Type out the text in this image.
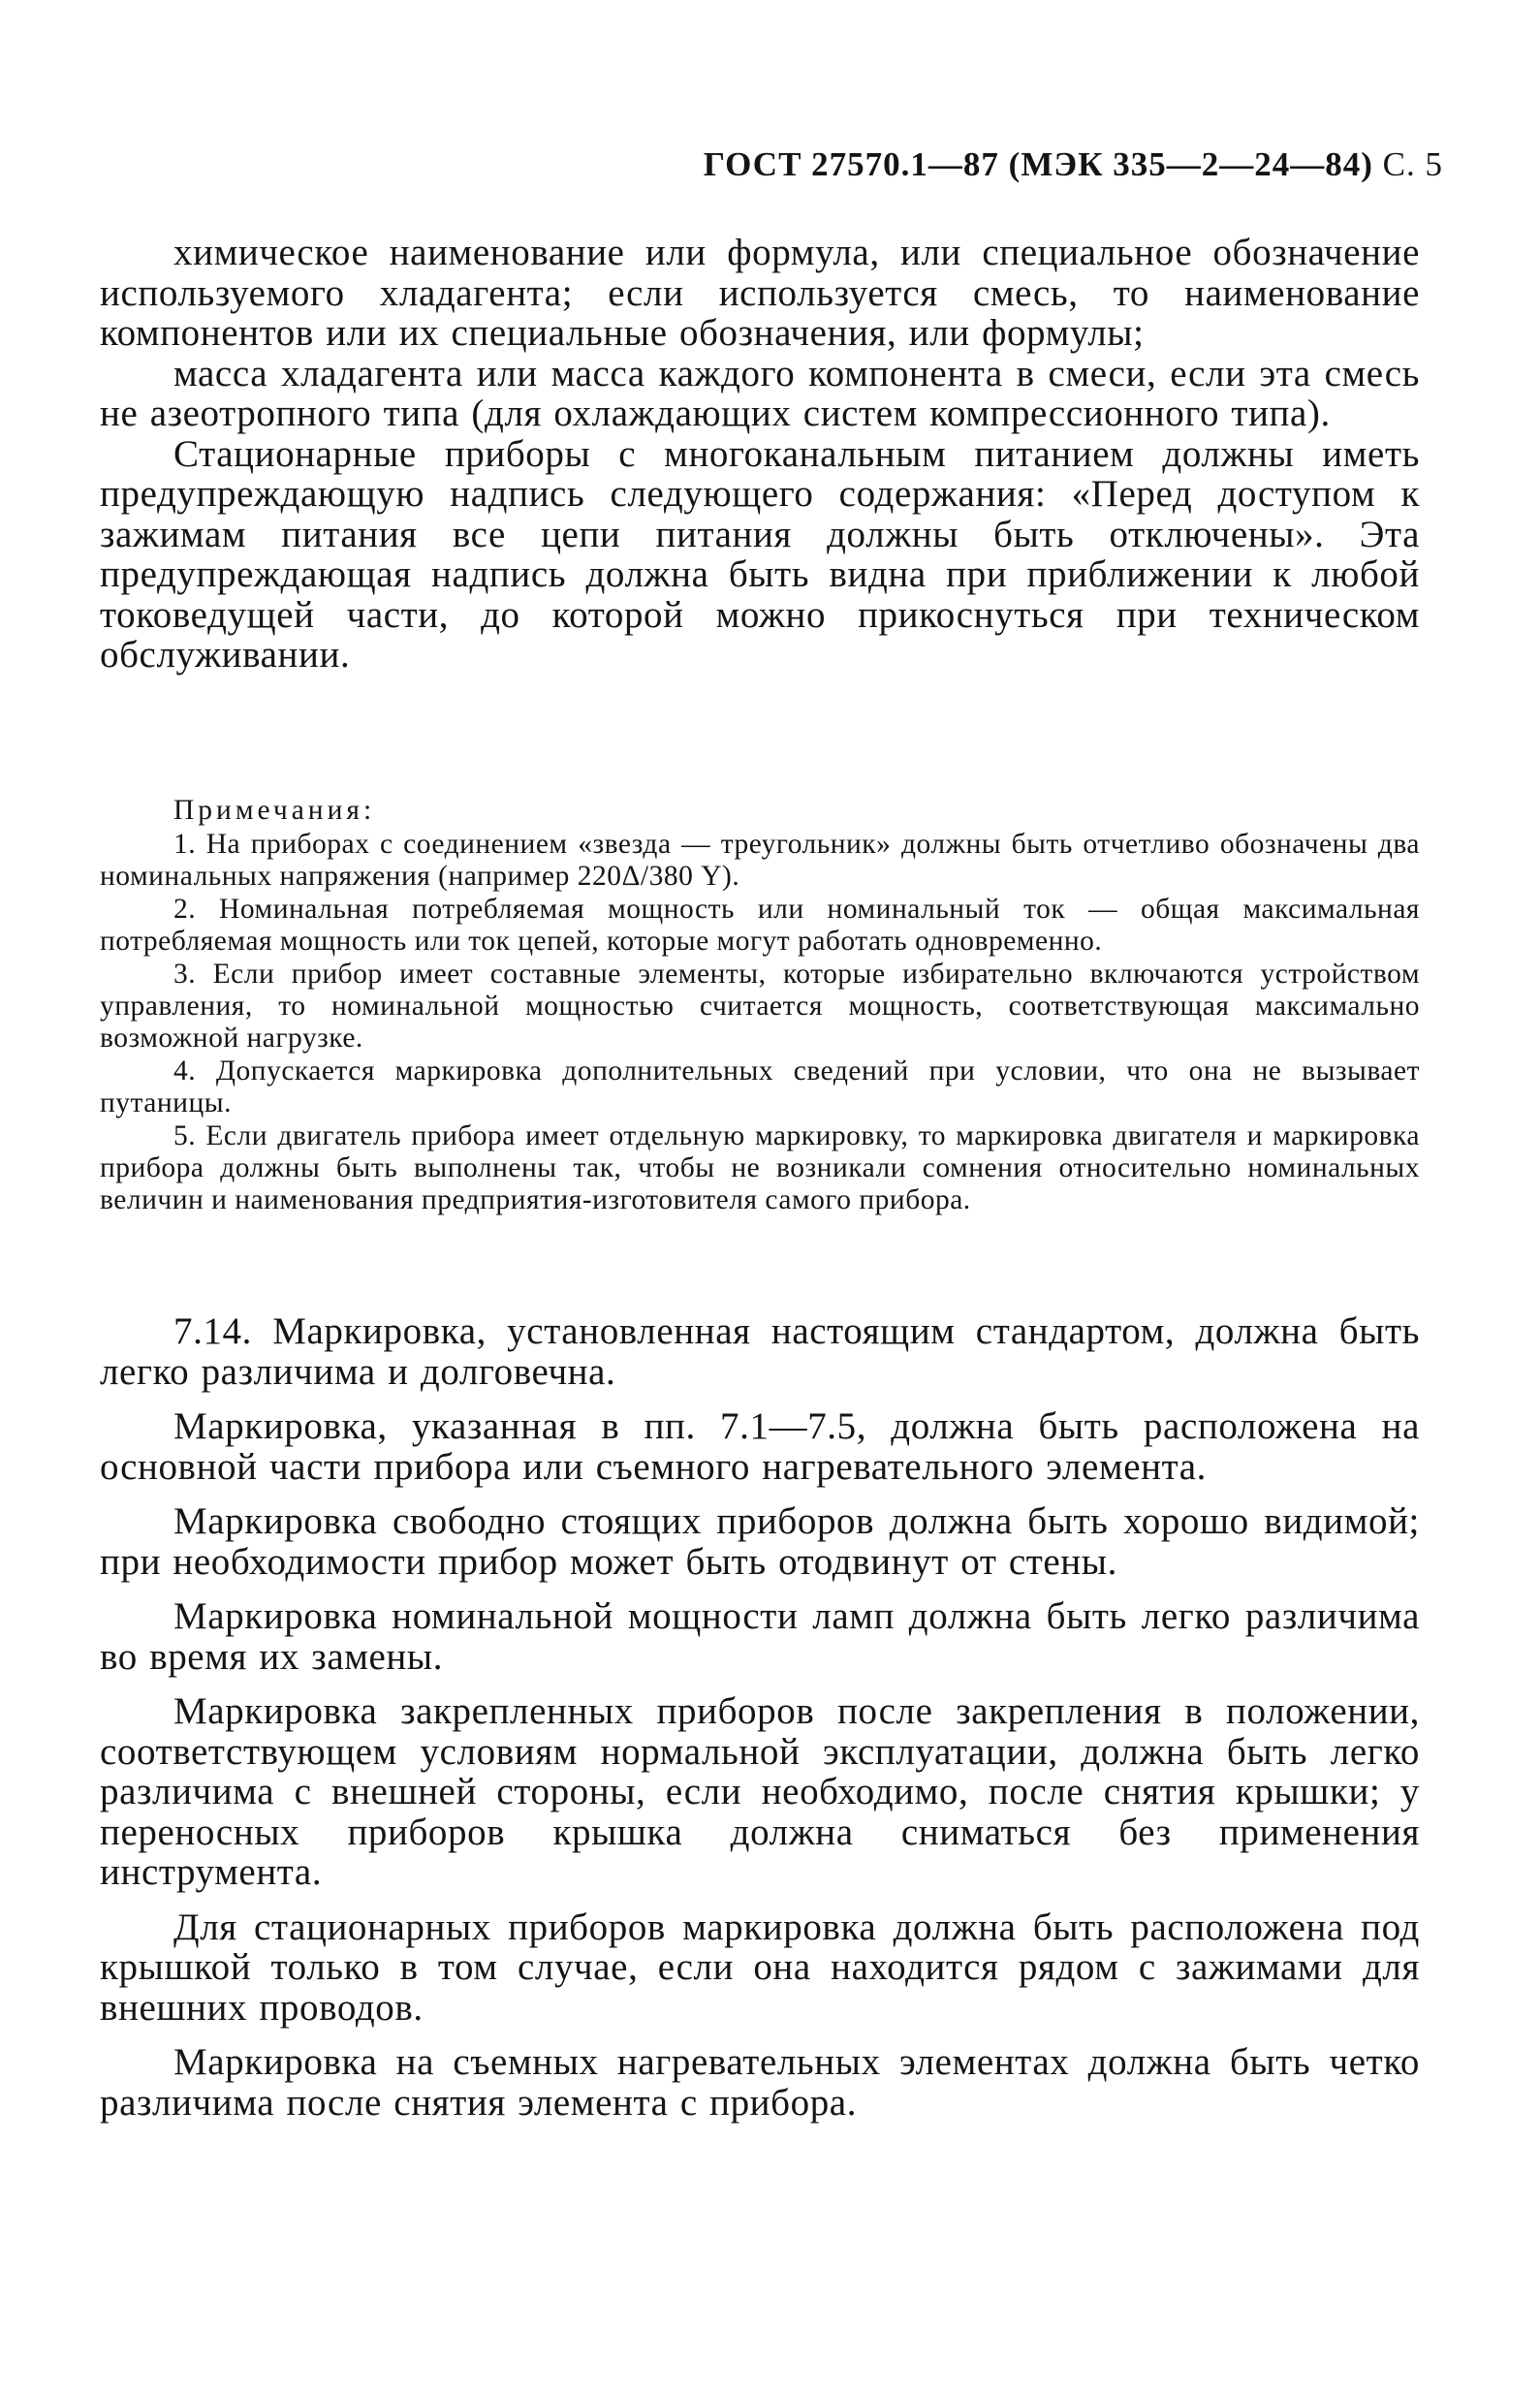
ГОСТ 27570.1—87 (МЭК 335—2—24—84) С. 5

химическое наименование или формула, или специальное обозначение используемого хладагента; если используется смесь, то наименование компонентов или их специальные обозначения, или формулы;

масса хладагента или масса каждого компонента в смеси, если эта смесь не азеотропного типа (для охлаждающих систем компрессионного типа).

Стационарные приборы с многоканальным питанием должны иметь предупреждающую надпись следующего содержания: «Перед доступом к зажимам питания все цепи питания должны быть отключены». Эта предупреждающая надпись должна быть видна при приближении к любой токоведущей части, до которой можно прикоснуться при техническом обслуживании.

Примечания:

1. На приборах с соединением «звезда — треугольник» должны быть отчетливо обозначены два номинальных напряжения (например 220Δ/380 Y).

2. Номинальная потребляемая мощность или номинальный ток — общая максимальная потребляемая мощность или ток цепей, которые могут работать одновременно.

3. Если прибор имеет составные элементы, которые избирательно включаются устройством управления, то номинальной мощностью считается мощность, соответствующая максимально возможной нагрузке.

4. Допускается маркировка дополнительных сведений при условии, что она не вызывает путаницы.

5. Если двигатель прибора имеет отдельную маркировку, то маркировка двигателя и маркировка прибора должны быть выполнены так, чтобы не возникали сомнения относительно номинальных величин и наименования предприятия-изготовителя самого прибора.

7.14. Маркировка, установленная настоящим стандартом, должна быть легко различима и долговечна.

Маркировка, указанная в пп. 7.1—7.5, должна быть расположена на основной части прибора или съемного нагревательного элемента.

Маркировка свободно стоящих приборов должна быть хорошо видимой; при необходимости прибор может быть отодвинут от стены.

Маркировка номинальной мощности ламп должна быть легко различима во время их замены.

Маркировка закрепленных приборов после закрепления в положении, соответствующем условиям нормальной эксплуатации, должна быть легко различима с внешней стороны, если необходимо, после снятия крышки; у переносных приборов крышка должна сниматься без применения инструмента.

Для стационарных приборов маркировка должна быть расположена под крышкой только в том случае, если она находится рядом с зажимами для внешних проводов.

Маркировка на съемных нагревательных элементах должна быть четко различима после снятия элемента с прибора.
